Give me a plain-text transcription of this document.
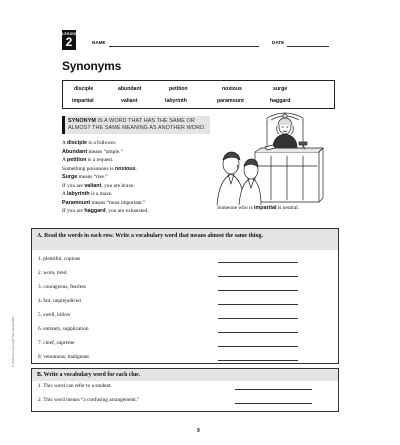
LESSON
2	NAME	DATE
Synonyms
disciple	abundant	petition	noxious	surge
impartial	valiant	labyrinth	paramount	haggard
SYNONYM IS A WORD THAT HAS THE SAME OR ALMOST THE SAME MEANING AS ANOTHER WORD.
A disciple is a follower.
Abundant means “ample.”
A petition is a request.
Something poisonous is noxious.
Surge means “rise.”
If you are valiant, you are brave.
A labyrinth is a maze.
Paramount means “most important.”
If you are haggard, you are exhausted.	Someone who is impartial is neutral.
© Perfection Learning® Not reproducible
A. Read the words in each row. Write a vocabulary word that means almost the same thing.
1. plentiful, copious
2. worn, tired
3. courageous, fearless
4. fair, unprejudiced
5. swell, billow
6. entreaty, supplication
7. chief, supreme
8. venomous, malignant
B. Write a vocabulary word for each clue.
1. This word can refer to a student.
2. This word means “a confusing arrangement.”
9
